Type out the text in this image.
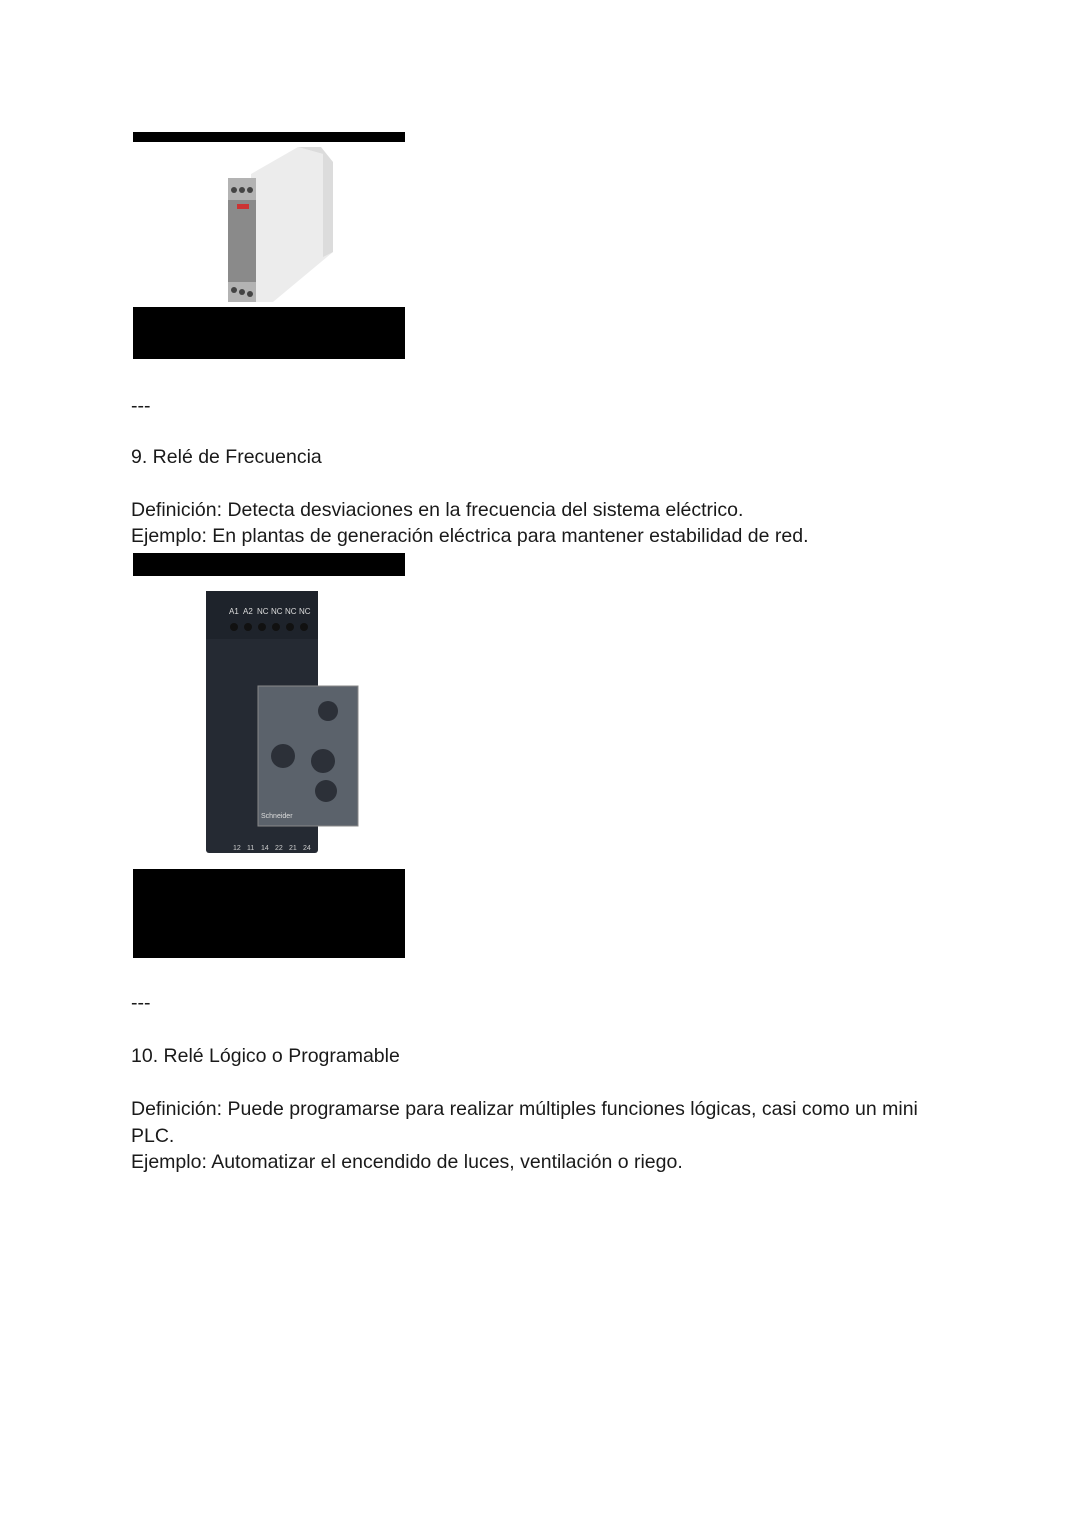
---
9. Relé de Frecuencia
Definición: Detecta desviaciones en la frecuencia del sistema eléctrico.
Ejemplo: En plantas de generación eléctrica para mantener estabilidad de red.
A1 A2 NC NC NC NC
Schneider
12 11 14 22 21 24
---
10. Relé Lógico o Programable
Definición: Puede programarse para realizar múltiples funciones lógicas, casi como un mini
PLC.
Ejemplo: Automatizar el encendido de luces, ventilación o riego.
